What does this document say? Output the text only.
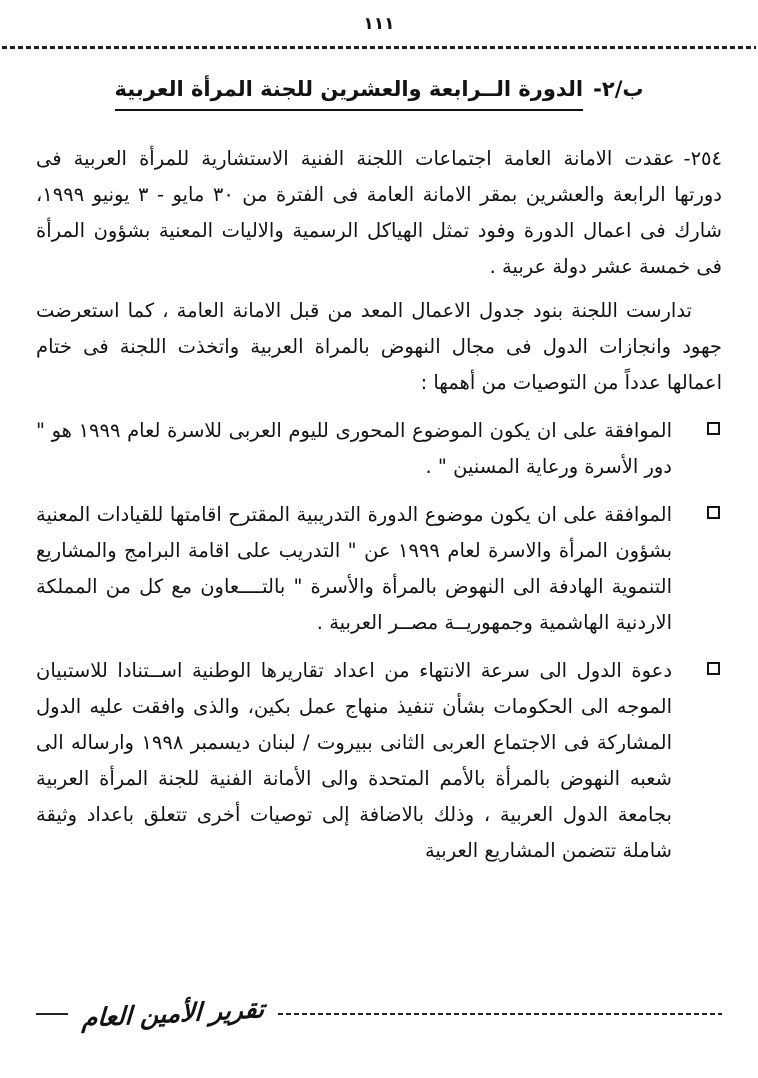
١١١
ب/٢-الدورة الــرابعة والعشرين للجنة المرأة العربية

٢٥٤-عقدت الامانة العامة اجتماعات اللجنة الفنية الاستشارية للمرأة العربية فى دورتها الرابعة والعشرين بمقر الامانة العامة فى الفترة من ٣٠ مايو - ٣ يونيو ١٩٩٩، شارك فى اعمال الدورة وفود تمثل الهياكل الرسمية والاليات المعنية بشؤون المرأة فى خمسة عشر دولة عربية .

تدارست اللجنة بنود جدول الاعمال المعد من قبل الامانة العامة ، كما استعرضت جهود وانجازات الدول فى مجال النهوض بالمراة العربية واتخذت اللجنة فى ختام اعمالها عدداً من التوصيات من أهمها :

الموافقة على ان يكون الموضوع المحورى لليوم العربى للاسرة لعام ١٩٩٩ هو " دور الأسرة ورعاية المسنين " .
الموافقة على ان يكون موضوع الدورة التدريبية المقترح اقامتها للقيادات المعنية بشؤون المرأة والاسرة لعام ١٩٩٩ عن " التدريب على اقامة البرامج والمشاريع التنموية الهادفة الى النهوض بالمرأة والأسرة " بالتــــعاون مع كل من المملكة الاردنية الهاشمية وجمهوريــة مصــر العربية .
دعوة الدول الى سرعة الانتهاء من اعداد تقاريرها الوطنية اســتنادا للاستبيان الموجه الى الحكومات بشأن تنفيذ منهاج عمل بكين، والذى وافقت عليه الدول المشاركة فى الاجتماع العربى الثانى ببيروت / لبنان ديسمبر ١٩٩٨ وارساله الى شعبه النهوض بالمرأة بالأمم المتحدة والى الأمانة الفنية للجنة المرأة العربية بجامعة الدول العربية ، وذلك بالاضافة إلى توصيات أخرى تتعلق باعداد وثيقة شاملة تتضمن المشاريع العربية
تقرير الأمين العام
